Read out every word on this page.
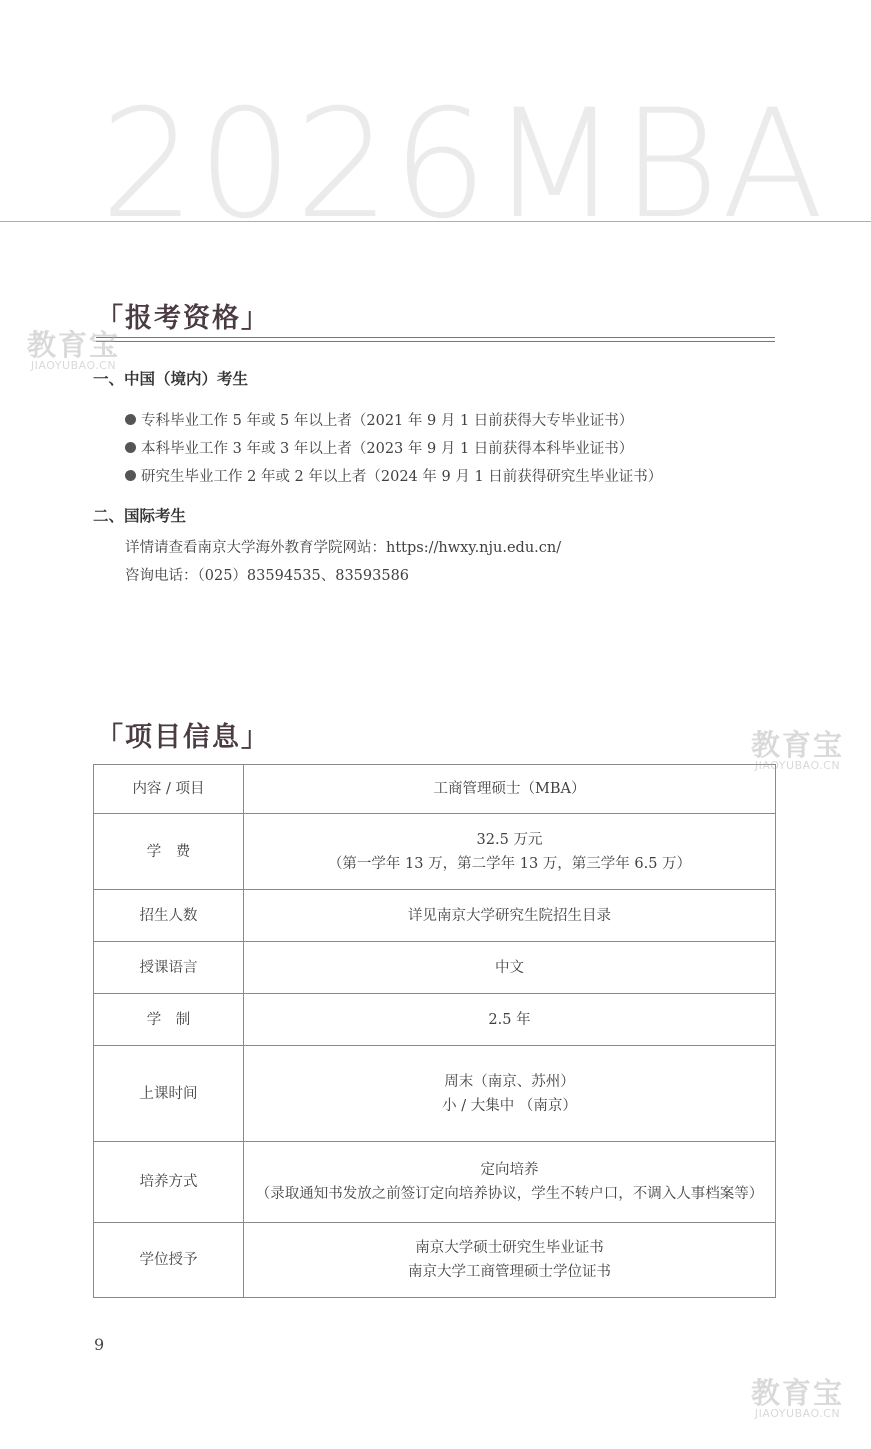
2026MBA
「报考资格」
一、中国（境内）考生
专科毕业工作 5 年或 5 年以上者（2021 年 9 月 1 日前获得大专毕业证书）
本科毕业工作 3 年或 3 年以上者（2023 年 9 月 1 日前获得本科毕业证书）
研究生毕业工作 2 年或 2 年以上者（2024 年 9 月 1 日前获得研究生毕业证书）
二、国际考生
详情请查看南京大学海外教育学院网站：https://hwxy.nju.edu.cn/
咨询电话：（025）83594535、83593586
「项目信息」
内容 / 项目	工商管理硕士（MBA）
学　费	32.5 万元
（第一学年 13 万，第二学年 13 万，第三学年 6.5 万）

招生人数	详见南京大学研究生院招生目录

授课语言	中文

学　制	2.5 年

上课时间	周末（南京、苏州）
小 / 大集中 （南京）

培养方式	定向培养
（录取通知书发放之前签订定向培养协议，学生不转户口，不调入人事档案等）

学位授予	南京大学硕士研究生毕业证书
南京大学工商管理硕士学位证书
9
教育宝
JIAOYUBAO.CN
教育宝
JIAOYUBAO.CN
教育宝
JIAOYUBAO.CN
